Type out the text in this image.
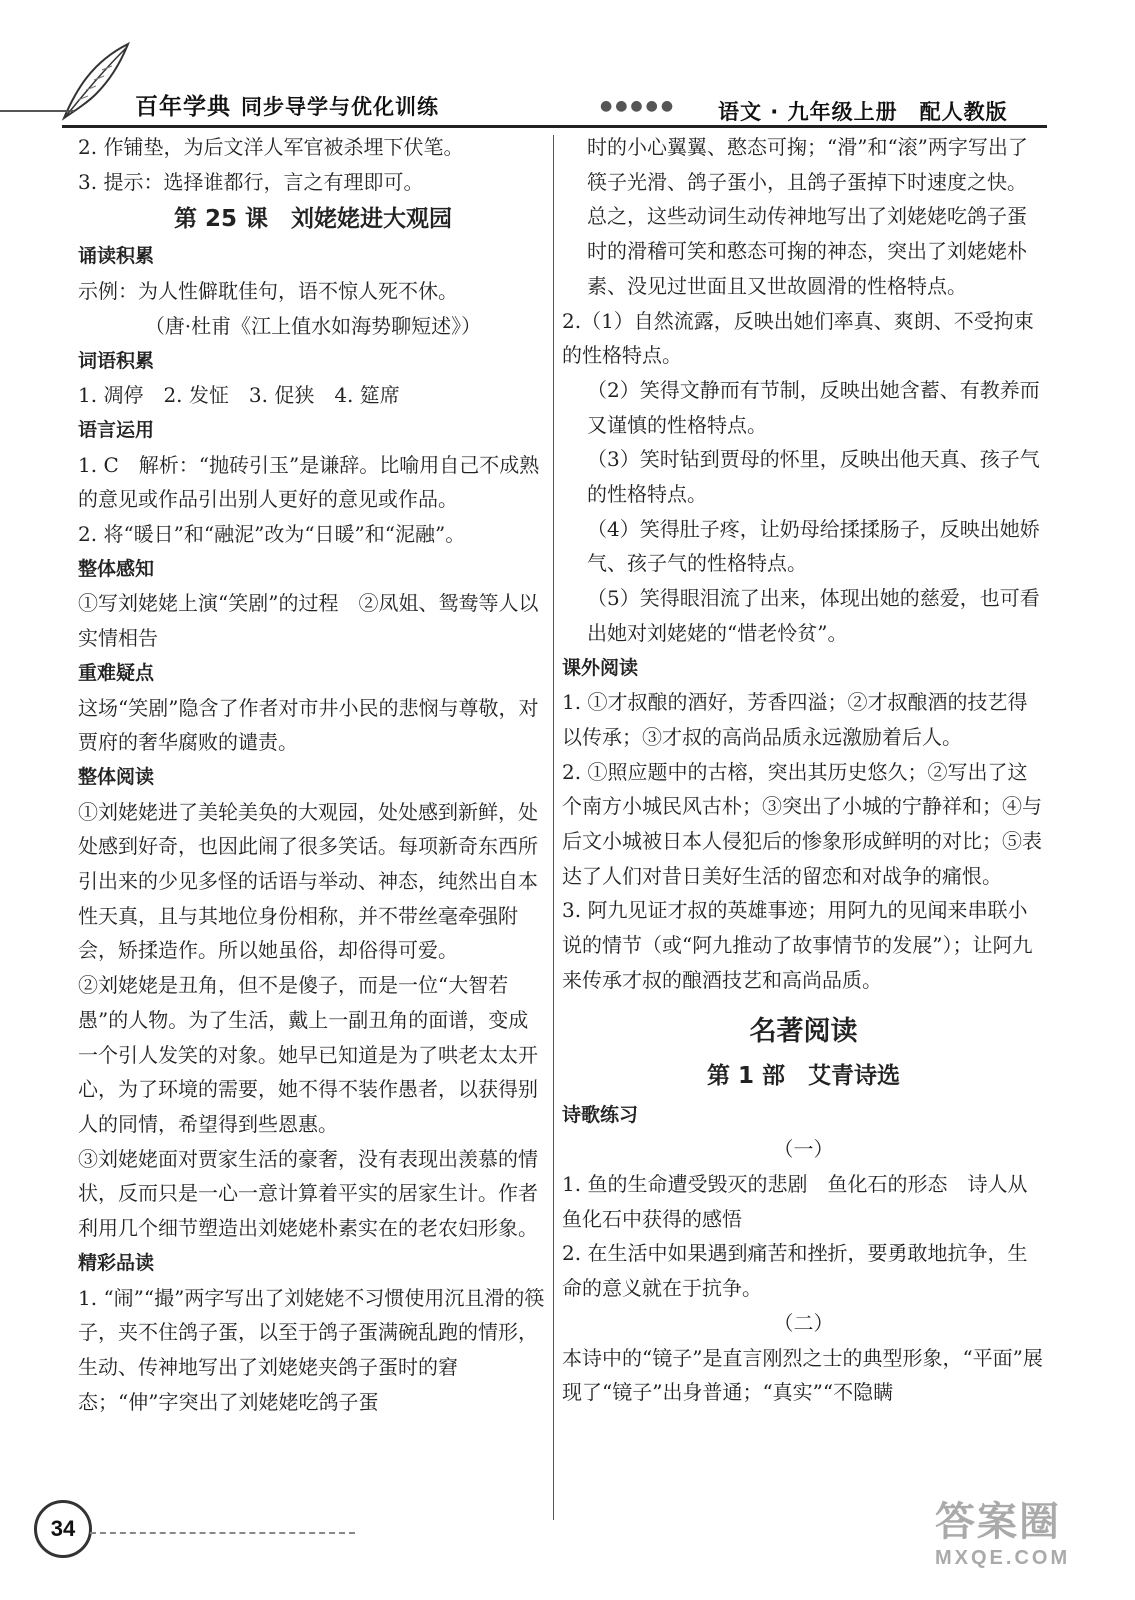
百年学典 同步导学与优化训练	●●●●● 语文 · 九年级上册　配人教版
2. 作铺垫，为后文洋人军官被杀埋下伏笔。
3. 提示：选择谁都行，言之有理即可。
第 25 课　刘姥姥进大观园
诵读积累
示例：为人性僻耽佳句，语不惊人死不休。
（唐·杜甫《江上值水如海势聊短述》）
词语积累
1. 凋停　2. 发怔　3. 促狭　4. 筵席
语言运用
1. C　解析：“抛砖引玉”是谦辞。比喻用自己不成熟的意见或作品引出别人更好的意见或作品。
2. 将“暖日”和“融泥”改为“日暖”和“泥融”。
整体感知
①写刘姥姥上演“笑剧”的过程　②凤姐、鸳鸯等人以实情相告
重难疑点
这场“笑剧”隐含了作者对市井小民的悲悯与尊敬，对贾府的奢华腐败的谴责。
整体阅读
①刘姥姥进了美轮美奂的大观园，处处感到新鲜，处处感到好奇，也因此闹了很多笑话。每项新奇东西所引出来的少见多怪的话语与举动、神态，纯然出自本性天真，且与其地位身份相称，并不带丝毫牵强附会，矫揉造作。所以她虽俗，却俗得可爱。
②刘姥姥是丑角，但不是傻子，而是一位“大智若愚”的人物。为了生活，戴上一副丑角的面谱，变成一个引人发笑的对象。她早已知道是为了哄老太太开心，为了环境的需要，她不得不装作愚者，以获得别人的同情，希望得到些恩惠。
③刘姥姥面对贾家生活的豪奢，没有表现出羡慕的情状，反而只是一心一意计算着平实的居家生计。作者利用几个细节塑造出刘姥姥朴素实在的老农妇形象。
精彩品读
1. “闹”“撮”两字写出了刘姥姥不习惯使用沉且滑的筷子，夹不住鸽子蛋，以至于鸽子蛋满碗乱跑的情形，生动、传神地写出了刘姥姥夹鸽子蛋时的窘态；“伸”字突出了刘姥姥吃鸽子蛋
时的小心翼翼、憨态可掬；“滑”和“滚”两字写出了筷子光滑、鸽子蛋小，且鸽子蛋掉下时速度之快。总之，这些动词生动传神地写出了刘姥姥吃鸽子蛋时的滑稽可笑和憨态可掬的神态，突出了刘姥姥朴素、没见过世面且又世故圆滑的性格特点。
2.（1）自然流露，反映出她们率真、爽朗、不受拘束的性格特点。
（2）笑得文静而有节制，反映出她含蓄、有教养而又谨慎的性格特点。
（3）笑时钻到贾母的怀里，反映出他天真、孩子气的性格特点。
（4）笑得肚子疼，让奶母给揉揉肠子，反映出她娇气、孩子气的性格特点。
（5）笑得眼泪流了出来，体现出她的慈爱，也可看出她对刘姥姥的“惜老怜贫”。
课外阅读
1. ①才叔酿的酒好，芳香四溢；②才叔酿酒的技艺得以传承；③才叔的高尚品质永远激励着后人。
2. ①照应题中的古榕，突出其历史悠久；②写出了这个南方小城民风古朴；③突出了小城的宁静祥和；④与后文小城被日本人侵犯后的惨象形成鲜明的对比；⑤表达了人们对昔日美好生活的留恋和对战争的痛恨。
3. 阿九见证才叔的英雄事迹；用阿九的见闻来串联小说的情节（或“阿九推动了故事情节的发展”）；让阿九来传承才叔的酿酒技艺和高尚品质。
名著阅读
第 1 部　艾青诗选
诗歌练习
（一）
1. 鱼的生命遭受毁灭的悲剧　鱼化石的形态　诗人从鱼化石中获得的感悟
2. 在生活中如果遇到痛苦和挫折，要勇敢地抗争，生命的意义就在于抗争。
（二）
本诗中的“镜子”是直言刚烈之士的典型形象，“平面”展现了“镜子”出身普通；“真实”“不隐瞒
34	答案圈
MXQE.COM
